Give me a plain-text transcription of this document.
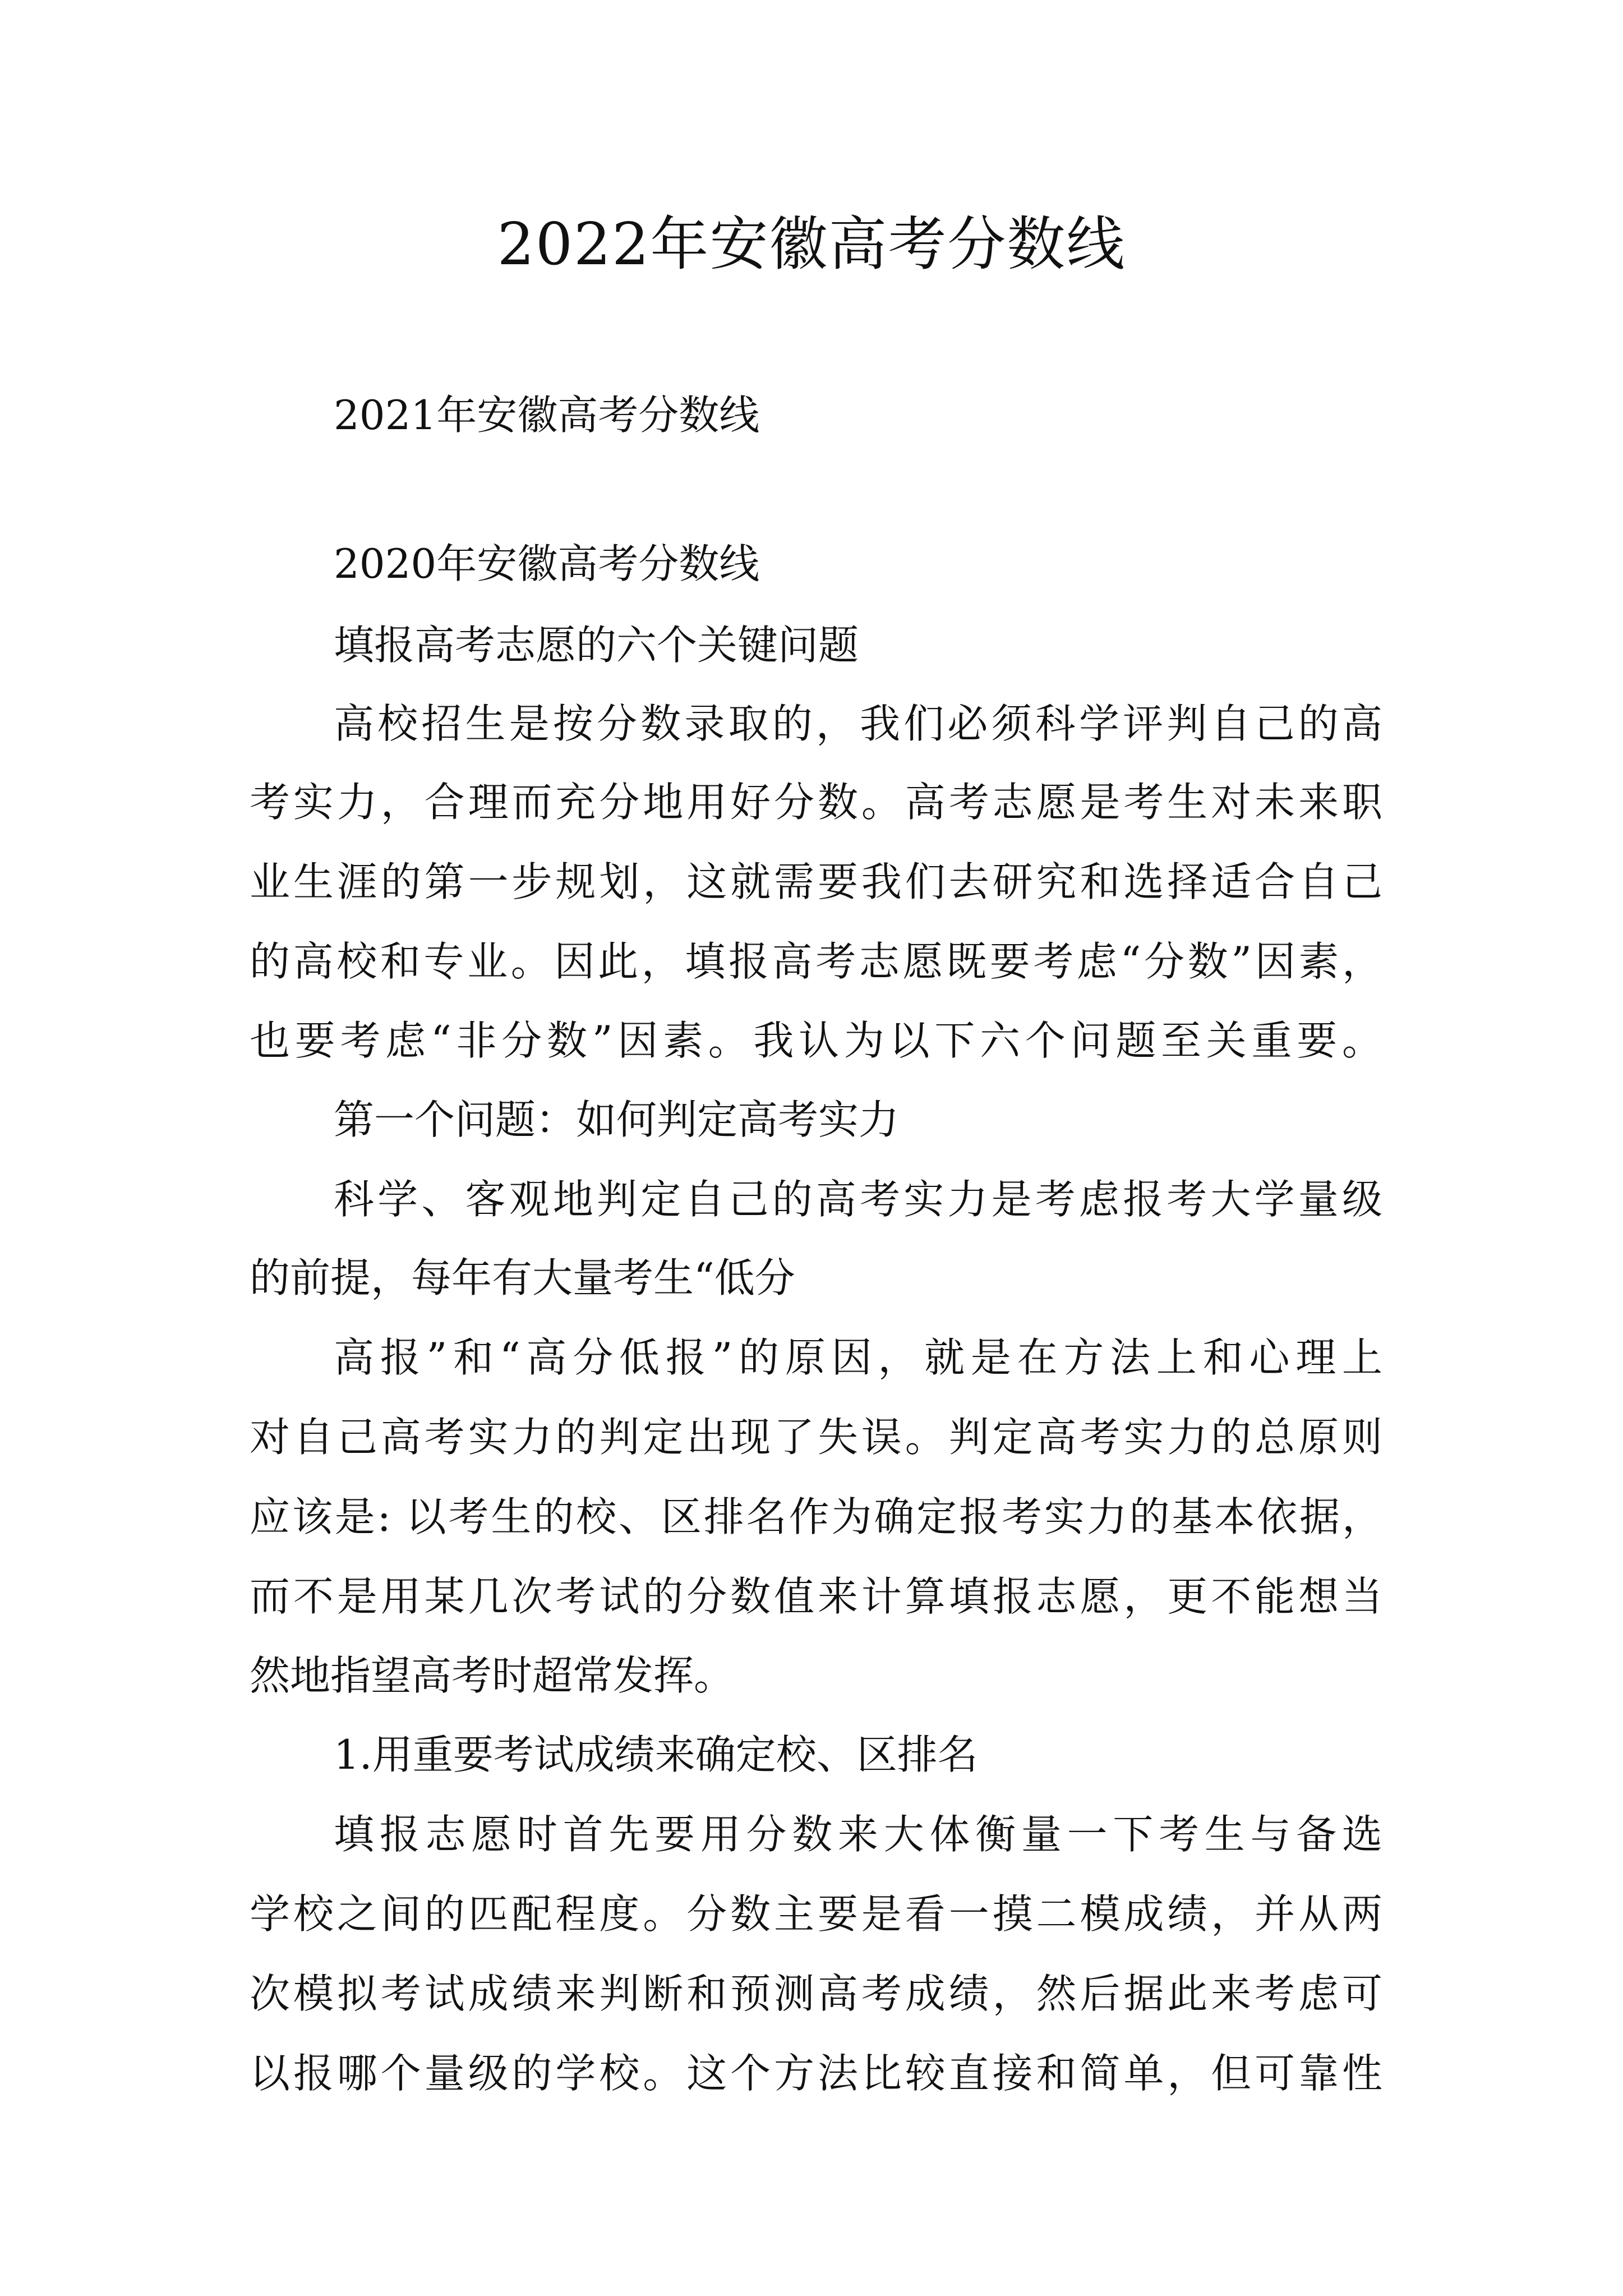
2022年安徽高考分数线

2021年安徽高考分数线

2020年安徽高考分数线

填报高考志愿的六个关键问题

高校招生是按分数录取的，我们必须科学评判自己的高

考实力，合理而充分地用好分数。高考志愿是考生对未来职

业生涯的第一步规划，这就需要我们去研究和选择适合自己

的高校和专业。因此，填报高考志愿既要考虑“分数”因素，

也要考虑“非分数”因素。我认为以下六个问题至关重要。

第一个问题：如何判定高考实力

科学、客观地判定自己的高考实力是考虑报考大学量级

的前提，每年有大量考生“低分

高报”和“高分低报”的原因，就是在方法上和心理上

对自己高考实力的判定出现了失误。判定高考实力的总原则

应该是: 以考生的校、区排名作为确定报考实力的基本依据，

而不是用某几次考试的分数值来计算填报志愿，更不能想当

然地指望高考时超常发挥。

1.用重要考试成绩来确定校、区排名

填报志愿时首先要用分数来大体衡量一下考生与备选

学校之间的匹配程度。分数主要是看一摸二模成绩，并从两

次模拟考试成绩来判断和预测高考成绩，然后据此来考虑可

以报哪个量级的学校。这个方法比较直接和简单，但可靠性
